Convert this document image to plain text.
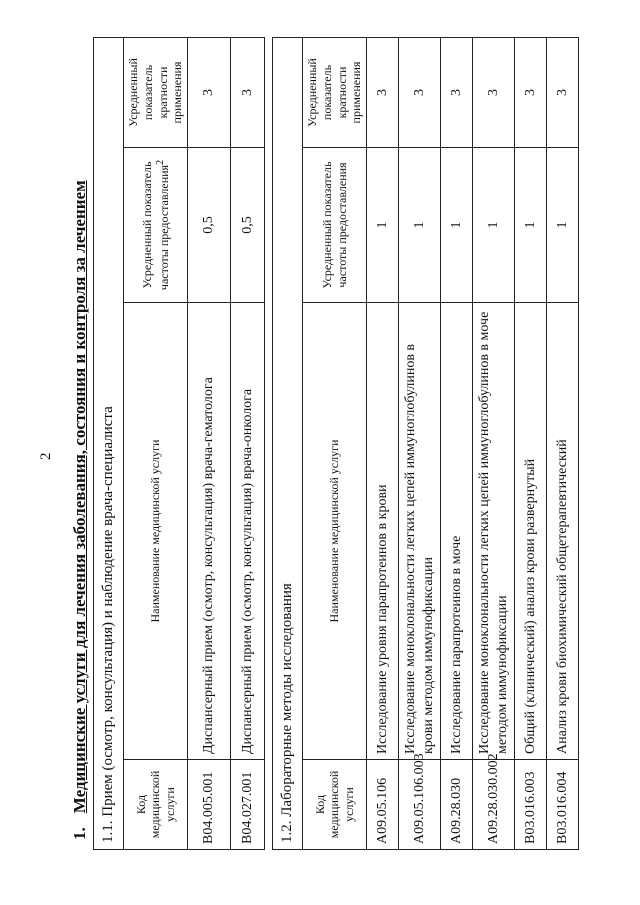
2
1.Медицинские услуги для лечения заболевания, состояния и контроля за лечением 1.1. Прием (осмотр, консультация) и наблюдение врача-специалиста			
Код медицинской услуги	Наименование медицинской услуги	Усредненный показатель частоты предоставления$^2$	Усредненный показатель кратности применения
B04.005.001	Диспансерный прием (осмотр, консультация) врача-гематолога	0,5	3
B04.027.001	Диспансерный прием (осмотр, консультация) врача-онколога	0,5	3
1.2. Лабораторные методы исследования			
Код медицинской услуги	Наименование медицинской услуги	Усредненный показатель частоты предоставления	Усредненный показатель кратности применения
A09.05.106	Исследование уровня парапротеинов в крови	1	3
A09.05.106.003	Исследование моноклональности легких цепей иммуноглобулинов в крови методом иммунофиксации	1	3
A09.28.030	Исследование парапротеинов в моче	1	3
A09.28.030.002	Исследование моноклональности легких цепей иммуноглобулинов в моче методом иммунофиксации	1	3
B03.016.003	Общий (клинический) анализ крови развернутый	1	3
B03.016.004	Анализ крови биохимический общетерапевтический	1	3
